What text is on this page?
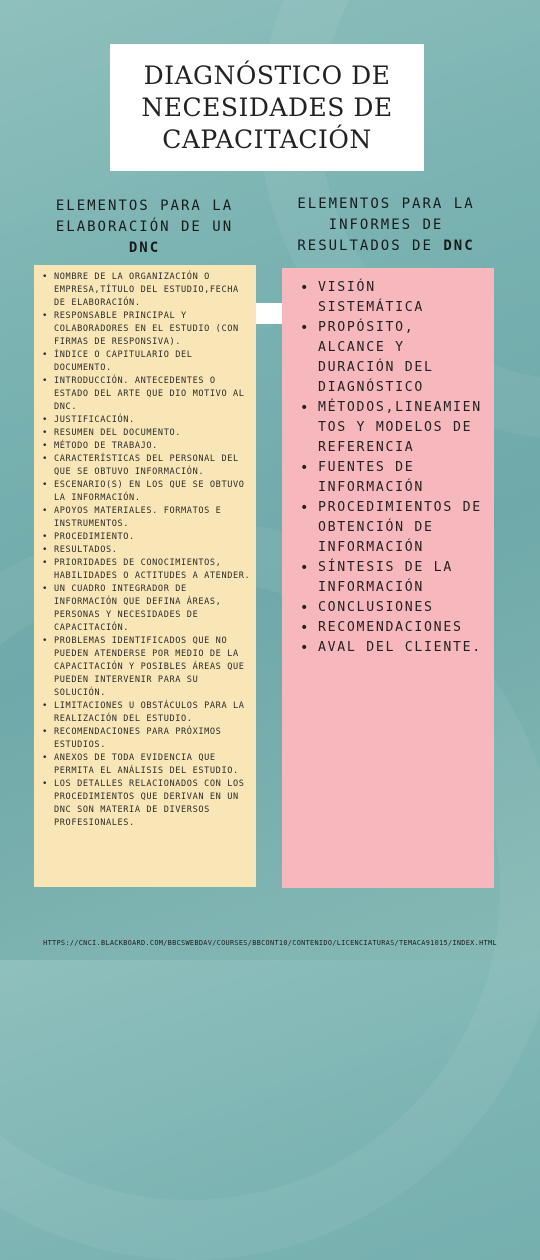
DIAGNÓSTICO DE NECESIDADES DE CAPACITACIÓN
ELEMENTOS PARA LA ELABORACIÓN DE UN DNC
ELEMENTOS PARA LA INFORMES DE RESULTADOS DE DNC
• NOMBRE DE LA ORGANIZACIÓN O EMPRESA,TÍTULO DEL ESTUDIO,FECHA DE ELABORACIÓN.
• RESPONSABLE PRINCIPAL Y COLABORADORES EN EL ESTUDIO (CON FIRMAS DE RESPONSIVA).
• ÍNDICE O CAPITULARIO DEL DOCUMENTO.
• INTRODUCCIÓN. ANTECEDENTES O ESTADO DEL ARTE QUE DIO MOTIVO AL DNC.
• JUSTIFICACIÓN.
• RESUMEN DEL DOCUMENTO.
• MÉTODO DE TRABAJO.
• CARACTERÍSTICAS DEL PERSONAL DEL QUE SE OBTUVO INFORMACIÓN.
• ESCENARIO(S) EN LOS QUE SE OBTUVO LA INFORMACIÓN.
• APOYOS MATERIALES. FORMATOS E INSTRUMENTOS.
• PROCEDIMIENTO.
• RESULTADOS.
• PRIORIDADES DE CONOCIMIENTOS, HABILIDADES O ACTITUDES A ATENDER.
• UN CUADRO INTEGRADOR DE INFORMACIÓN QUE DEFINA ÁREAS, PERSONAS Y NECESIDADES DE CAPACITACIÓN.
• PROBLEMAS IDENTIFICADOS QUE NO PUEDEN ATENDERSE POR MEDIO DE LA CAPACITACIÓN Y POSIBLES ÁREAS QUE PUEDEN INTERVENIR PARA SU SOLUCIÓN.
• LIMITACIONES U OBSTÁCULOS PARA LA REALIZACIÓN DEL ESTUDIO.
• RECOMENDACIONES PARA PRÓXIMOS ESTUDIOS.
• ANEXOS DE TODA EVIDENCIA QUE PERMITA EL ANÁLISIS DEL ESTUDIO.
• LOS DETALLES RELACIONADOS CON LOS PROCEDIMIENTOS QUE DERIVAN EN UN DNC SON MATERIA DE DIVERSOS PROFESIONALES.
• VISIÓN SISTEMÁTICA
• PROPÓSITO, ALCANCE Y DURACIÓN DEL DIAGNÓSTICO
• MÉTODOS,LINEAMIEN TOS Y MODELOS DE REFERENCIA
• FUENTES DE INFORMACIÓN
• PROCEDIMIENTOS DE OBTENCIÓN DE INFORMACIÓN
• SÍNTESIS DE LA INFORMACIÓN
• CONCLUSIONES
• RECOMENDACIONES
• AVAL DEL CLIENTE.
HTTPS://CNCI.BLACKBOARD.COM/BBCSWEBDAV/COURSES/BBCONT10/CONTENIDO/LICENCIATURAS/TEMACA91015/INDEX.HTML
